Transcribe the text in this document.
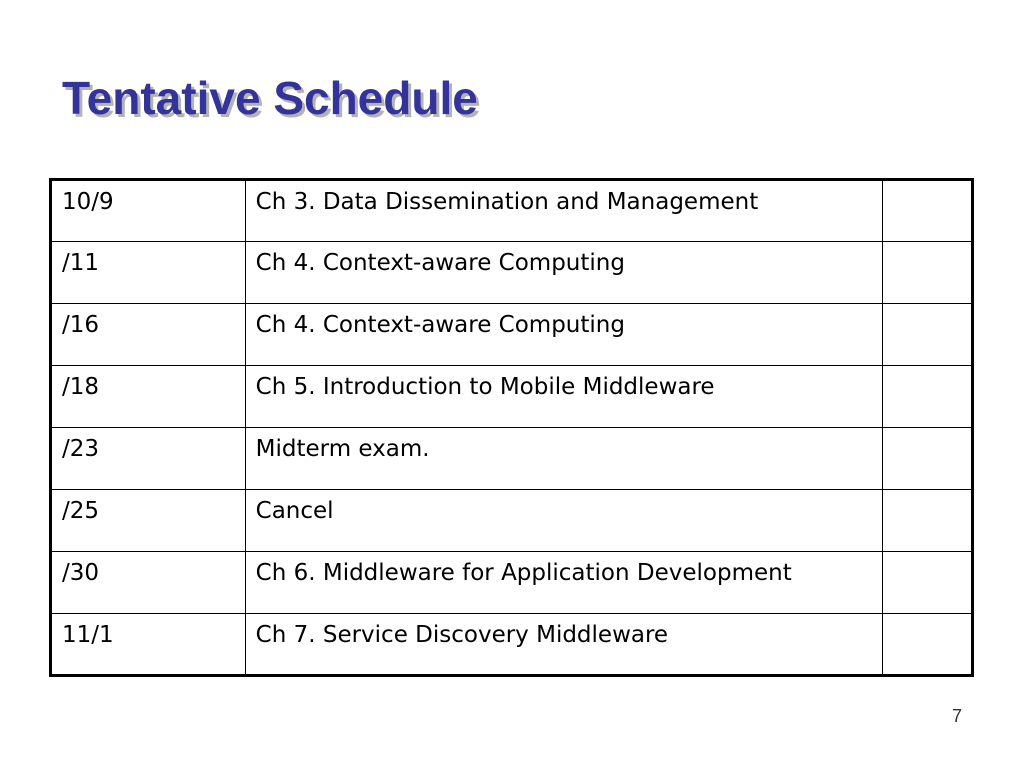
Tentative Schedule
10/9	Ch 3. Data Dissemination and Management	
/11	Ch 4. Context-aware Computing	
/16	Ch 4. Context-aware Computing	
/18	Ch 5. Introduction to Mobile Middleware	
/23	Midterm exam.	
/25	Cancel	
/30	Ch 6. Middleware for Application Development	
11/1	Ch 7. Service Discovery Middleware	
7
